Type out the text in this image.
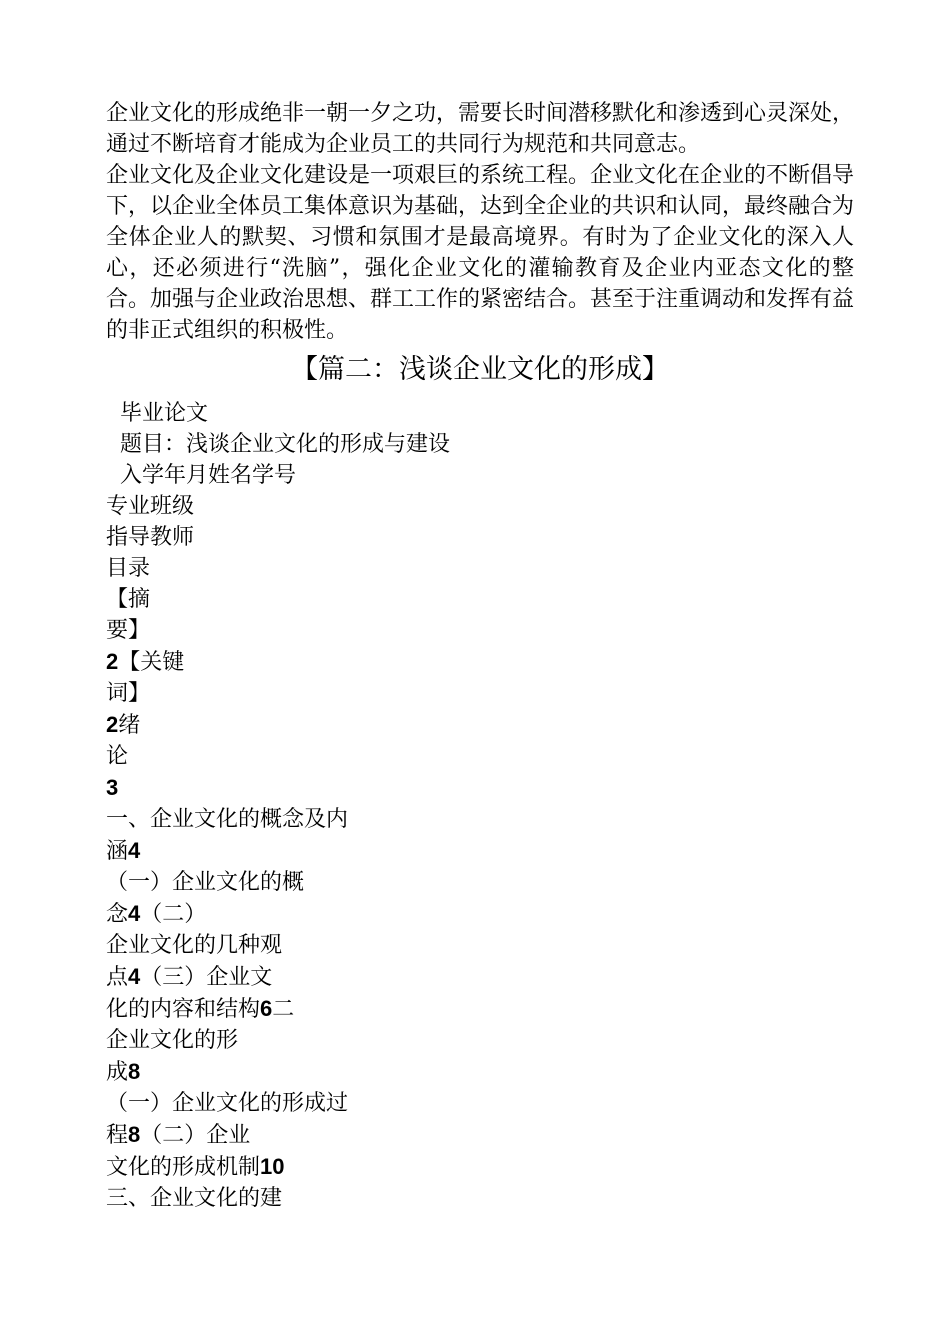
企业文化的形成绝非一朝一夕之功，需要长时间潜移默化和渗透到心灵深处，通过不断培育才能成为企业员工的共同行为规范和共同意志。

企业文化及企业文化建设是一项艰巨的系统工程。企业文化在企业的不断倡导下，以企业全体员工集体意识为基础，达到全企业的共识和认同，最终融合为全体企业人的默契、习惯和氛围才是最高境界。有时为了企业文化的深入人心，还必须进行“洗脑”，强化企业文化的灌输教育及企业内亚态文化的整合。加强与企业政治思想、群工工作的紧密结合。甚至于注重调动和发挥有益的非正式组织的积极性。

【篇二：浅谈企业文化的形成】

毕业论文

题目：浅谈企业文化的形成与建设

入学年月姓名学号

专业班级

指导教师

目录

【摘

要】

2【关键

词】

2绪

论

3

一、企业文化的概念及内

涵4

（一）企业文化的概

念4（二）

企业文化的几种观

点4（三）企业文

化的内容和结构6二

企业文化的形

成8

（一）企业文化的形成过

程8（二）企业

文化的形成机制10

三、企业文化的建
